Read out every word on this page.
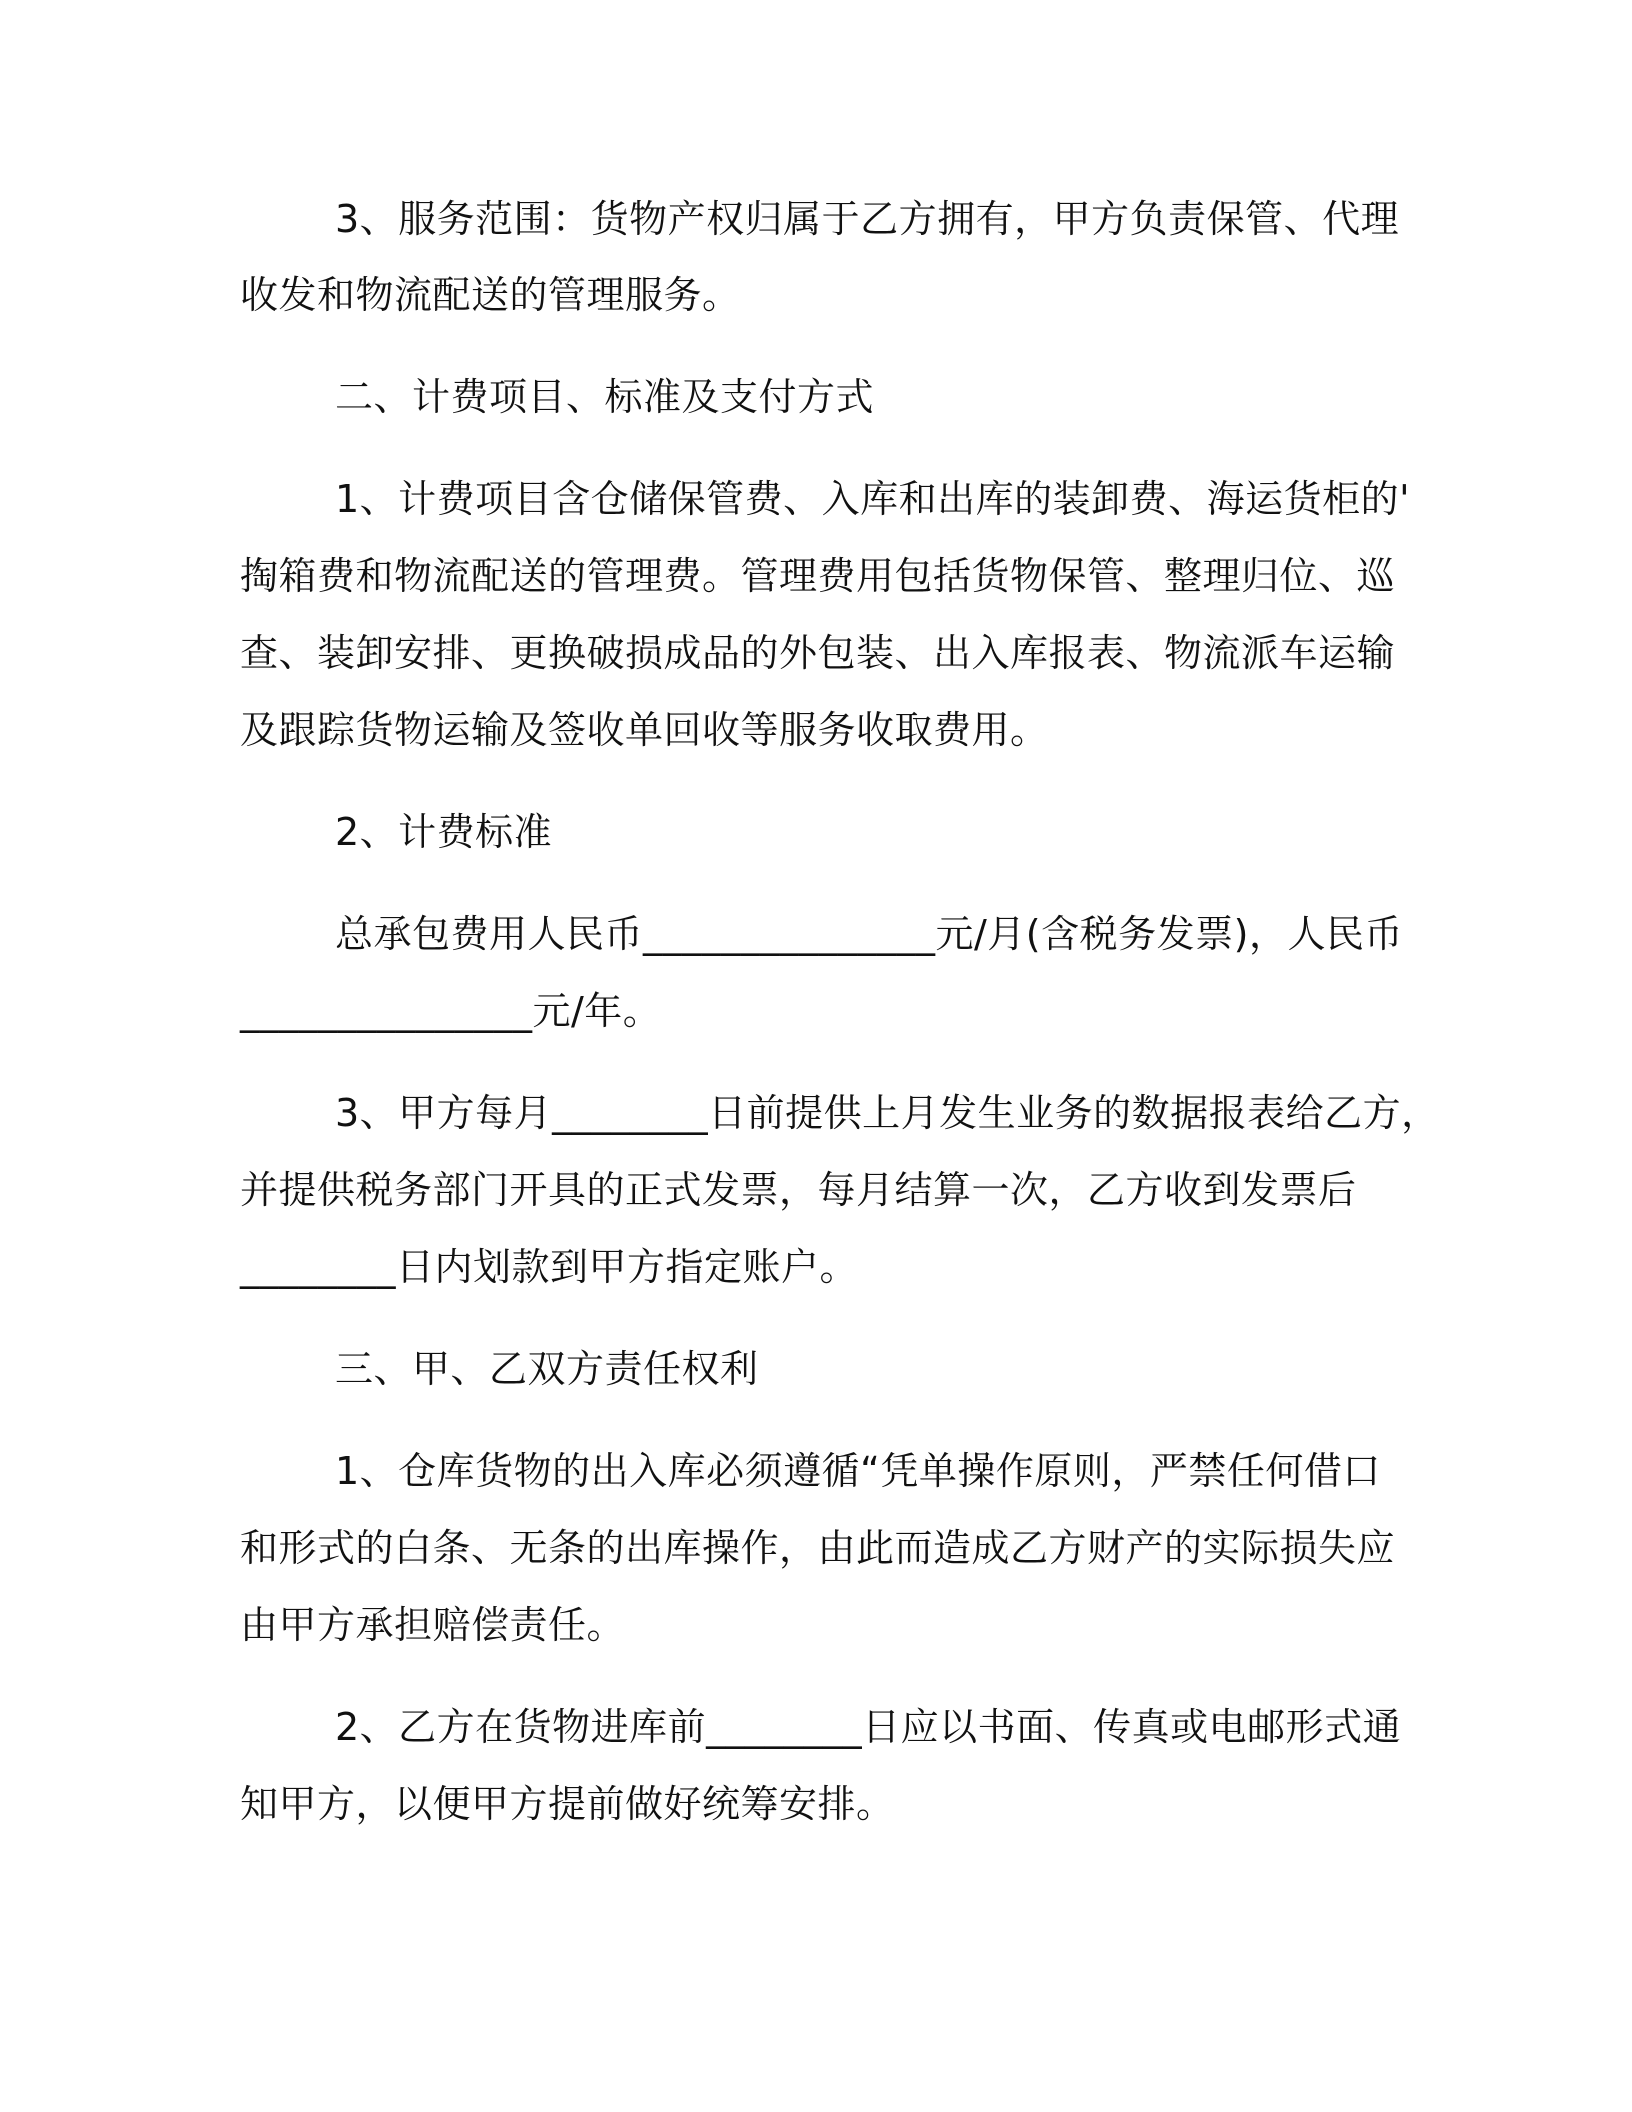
3、服务范围：货物产权归属于乙方拥有，甲方负责保管、代理

收发和物流配送的管理服务。

二、计费项目、标准及支付方式

1、计费项目含仓储保管费、入库和出库的装卸费、海运货柜的'

掏箱费和物流配送的管理费。管理费用包括货物保管、整理归位、巡

查、装卸安排、更换破损成品的外包装、出入库报表、物流派车运输

及跟踪货物运输及签收单回收等服务收取费用。

2、计费标准

总承包费用人民币_______________元/月(含税务发票)，人民币

_______________元/年。

3、甲方每月________日前提供上月发生业务的数据报表给乙方，

并提供税务部门开具的正式发票，每月结算一次，乙方收到发票后

________日内划款到甲方指定账户。

三、甲、乙双方责任权利

1、仓库货物的出入库必须遵循“凭单操作原则，严禁任何借口

和形式的白条、无条的出库操作，由此而造成乙方财产的实际损失应

由甲方承担赔偿责任。

2、乙方在货物进库前________日应以书面、传真或电邮形式通

知甲方，以便甲方提前做好统筹安排。
